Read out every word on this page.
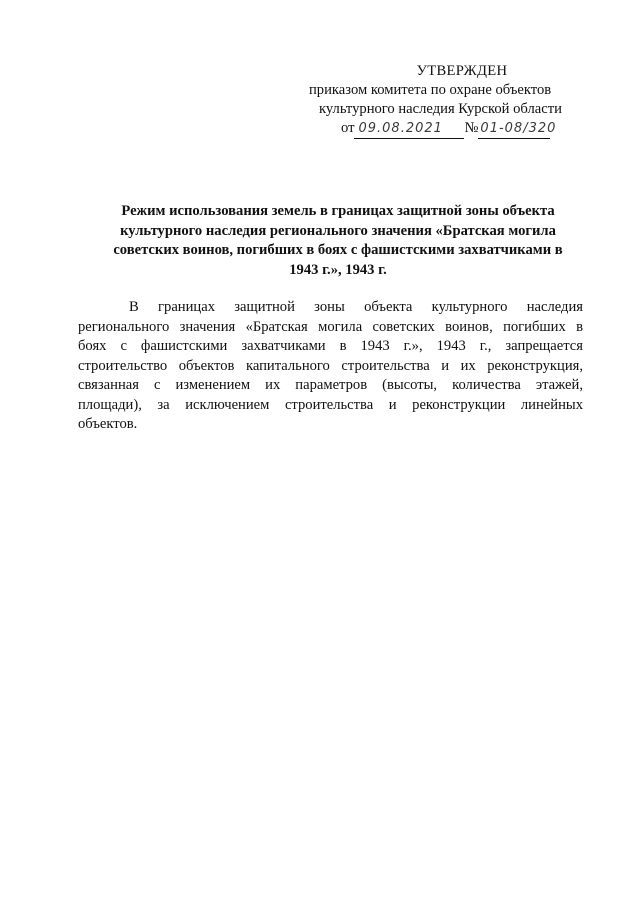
УТВЕРЖДЕН
приказом комитета по охране объектов
культурного наследия Курской области
от 09.08.2021 № 01-08/320
Режим использования земель в границах защитной зоны объекта
культурного наследия регионального значения «Братская могила
советских воинов, погибших в боях с фашистскими захватчиками в
1943 г.», 1943 г.
В границах защитной зоны объекта культурного наследия
регионального значения «Братская могила советских воинов, погибших в
боях с фашистскими захватчиками в 1943 г.», 1943 г., запрещается
строительство объектов капитального строительства и их реконструкция,
связанная с изменением их параметров (высоты, количества этажей,
площади), за исключением строительства и реконструкции линейных
объектов.
